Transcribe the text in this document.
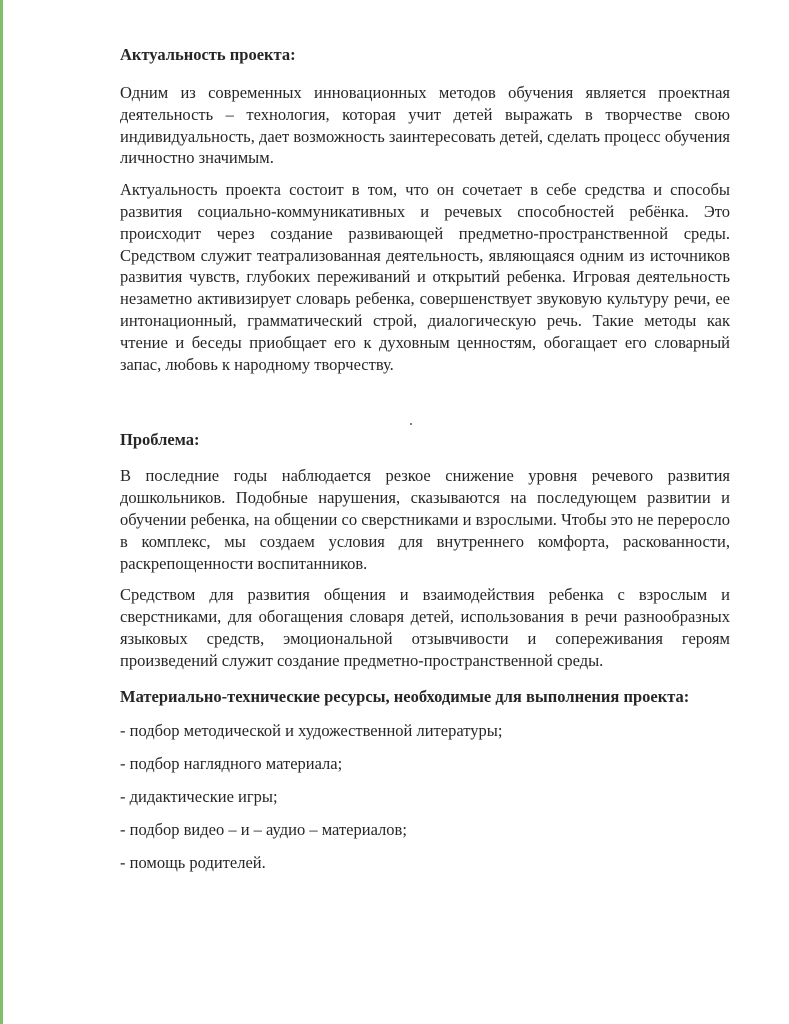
Актуальность проекта:

Одним из современных инновационных методов обучения является проектная деятельность – технология, которая учит детей выражать в творчестве свою индивидуальность, дает возможность заинтересовать детей, сделать процесс обучения личностно значимым.

Актуальность проекта состоит в том, что он сочетает в себе средства и способы развития социально-коммуникативных и речевых способностей ребёнка. Это происходит через создание развивающей предметно-пространственной среды. Средством служит театрализованная деятельность, являющаяся одним из источников развития чувств, глубоких переживаний и открытий ребенка. Игровая деятельность незаметно активизирует словарь ребенка, совершенствует звуковую культуру речи, ее интонационный, грамматический строй, диалогическую речь. Такие методы как чтение и беседы приобщает его к духовным ценностям, обогащает его словарный запас, любовь к народному творчеству.

Проблема:

В последние годы наблюдается резкое снижение уровня речевого развития дошкольников. Подобные нарушения, сказываются на последующем развитии и обучении ребенка, на общении со сверстниками и взрослыми. Чтобы это не переросло в комплекс, мы создаем условия для внутреннего комфорта, раскованности, раскрепощенности воспитанников.

Средством для развития общения и взаимодействия ребенка с взрослым и сверстниками, для обогащения словаря детей, использования в речи разнообразных языковых средств, эмоциональной отзывчивости и сопереживания героям произведений служит создание предметно-пространственной среды.

Материально-технические ресурсы, необходимые для выполнения проекта:

- подбор методической и художественной литературы;

- подбор наглядного материала;

- дидактические игры;

- подбор видео – и – аудио – материалов;

- помощь родителей.
